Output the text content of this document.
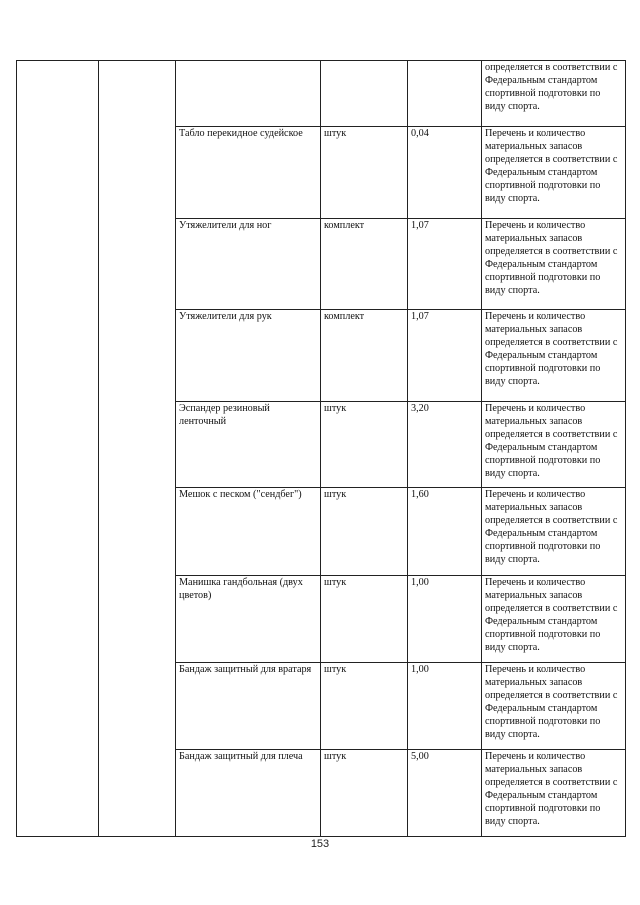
					определяется в соответствии с Федеральным стандартом спортивной подготовки по виду спорта.
		Табло перекидное судейское	штук	0,04	Перечень и количество материальных запасов определяется в соответствии с Федеральным стандартом спортивной подготовки по виду спорта.
		Утяжелители для ног	комплект	1,07	Перечень и количество материальных запасов определяется в соответствии с Федеральным стандартом спортивной подготовки по виду спорта.
		Утяжелители для рук	комплект	1,07	Перечень и количество материальных запасов определяется в соответствии с Федеральным стандартом спортивной подготовки по виду спорта.
		Эспандер резиновый ленточный	штук	3,20	Перечень и количество материальных запасов определяется в соответствии с Федеральным стандартом спортивной подготовки по виду спорта.
		Мешок с песком ("сендбег")	штук	1,60	Перечень и количество материальных запасов определяется в соответствии с Федеральным стандартом спортивной подготовки по виду спорта.
		Манишка гандбольная (двух цветов)	штук	1,00	Перечень и количество материальных запасов определяется в соответствии с Федеральным стандартом спортивной подготовки по виду спорта.
		Бандаж защитный для вратаря	штук	1,00	Перечень и количество материальных запасов определяется в соответствии с Федеральным стандартом спортивной подготовки по виду спорта.
		Бандаж защитный для плеча	штук	5,00	Перечень и количество материальных запасов определяется в соответствии с Федеральным стандартом спортивной подготовки по виду спорта.
153
